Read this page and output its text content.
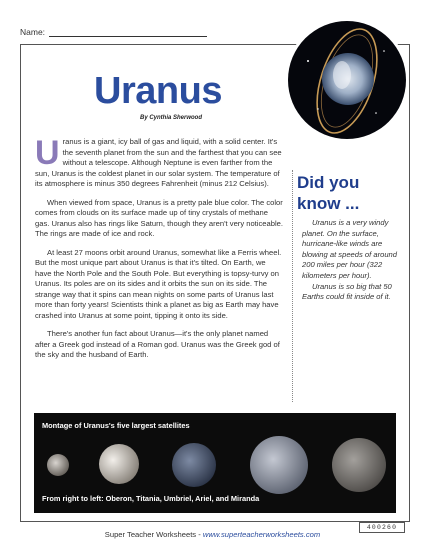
Name:
Uranus
By Cynthia Sherwood

Uranus is a giant, icy ball of gas and liquid, with a solid center. It's the seventh planet from the sun and the farthest that you can see without a telescope. Although Neptune is even farther from the sun, Uranus is the coldest planet in our solar system. The temperature of its atmosphere is minus 350 degrees Fahrenheit (minus 212 Celsius).

When viewed from space, Uranus is a pretty pale blue color. The color comes from clouds on its surface made up of tiny crystals of methane gas. Uranus also has rings like Saturn, though they aren't very noticeable. The rings are made of ice and rock.

At least 27 moons orbit around Uranus, somewhat like a Ferris wheel. But the most unique part about Uranus is that it's tilted. On Earth, we have the North Pole and the South Pole. But everything is topsy-turvy on Uranus. Its poles are on its sides and it orbits the sun on its side. The strange way that it spins can mean nights on some parts of Uranus last more than forty years! Scientists think a planet as big as Earth may have crashed into Uranus at some point, tipping it onto its side.

There's another fun fact about Uranus—it's the only planet named after a Greek god instead of a Roman god. Uranus was the Greek god of the sky and the husband of Earth.

Did you
know ...

Uranus is a very windy planet. On the surface, hurricane-like winds are blowing at speeds of around 200 miles per hour (322 kilometers per hour).

Uranus is so big that 50 Earths could fit inside of it.

Montage of Uranus's five largest satellites
From right to left: Oberon, Titania, Umbriel, Ariel, and Miranda
Super Teacher Worksheets - www.superteacherworksheets.com
400260
